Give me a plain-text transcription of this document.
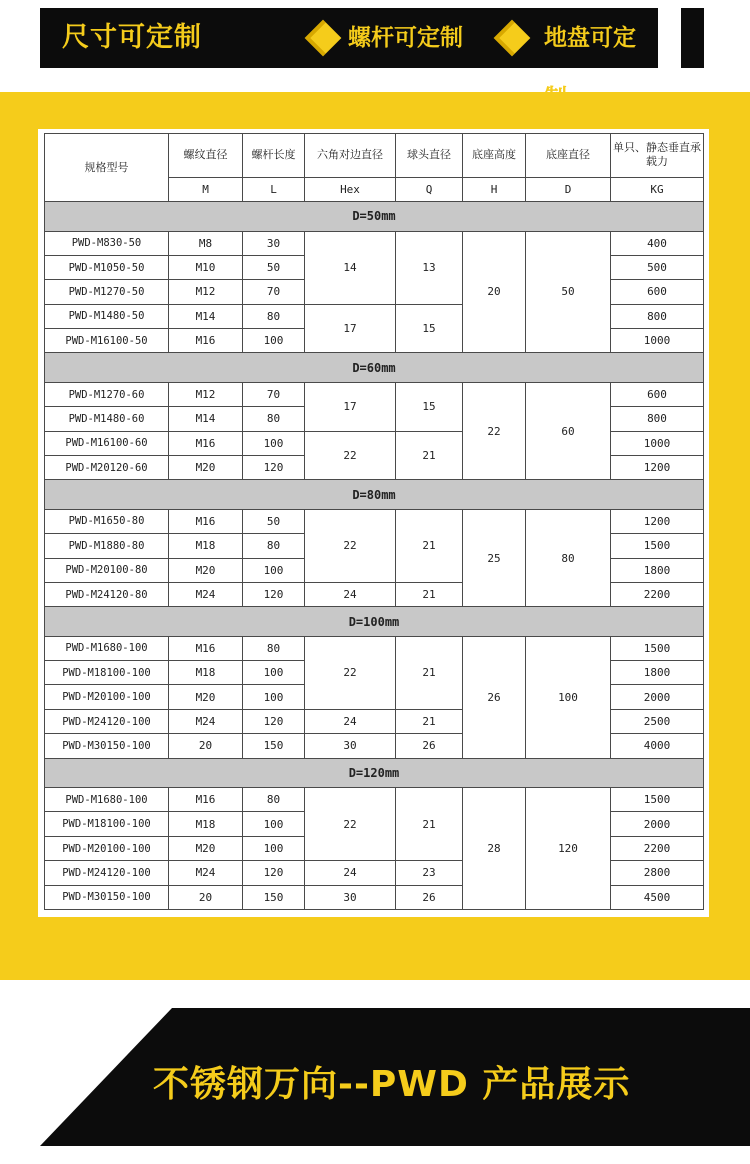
尺寸可定制	螺杆可定制	地盘可定
规格型号	螺纹直径	螺杆长度	六角对边直径	球头直径	底座高度	底座直径	单只、静态垂直承载力
	M	L	Hex	Q	H	D	KG
D=50mm							
PWD-M830-50	M8	30	14	13	20	50	400
PWD-M1050-50	M10	50					500
PWD-M1270-50	M12	70					600
PWD-M1480-50	M14	80	17	15			800
PWD-M16100-50	M16	100					1000
D=60mm							
PWD-M1270-60	M12	70	17	15	22	60	600
PWD-M1480-60	M14	80					800
PWD-M16100-60	M16	100	22	21			1000
PWD-M20120-60	M20	120					1200
D=80mm							
PWD-M1650-80	M16	50	22	21	25	80	1200
PWD-M1880-80	M18	80					1500
PWD-M20100-80	M20	100					1800
PWD-M24120-80	M24	120	24	21			2200
D=100mm							
PWD-M1680-100	M16	80	22	21	26	100	1500
PWD-M18100-100	M18	100					1800
PWD-M20100-100	M20	100					2000
PWD-M24120-100	M24	120	24	21			2500
PWD-M30150-100	20	150	30	26			4000
D=120mm							
PWD-M1680-100	M16	80	22	21	28	120	1500
PWD-M18100-100	M18	100					2000
PWD-M20100-100	M20	100					2200
PWD-M24120-100	M24	120	24	23			2800
PWD-M30150-100	20	150	30	26			4500
不锈钢万向--PWD 产品展示
